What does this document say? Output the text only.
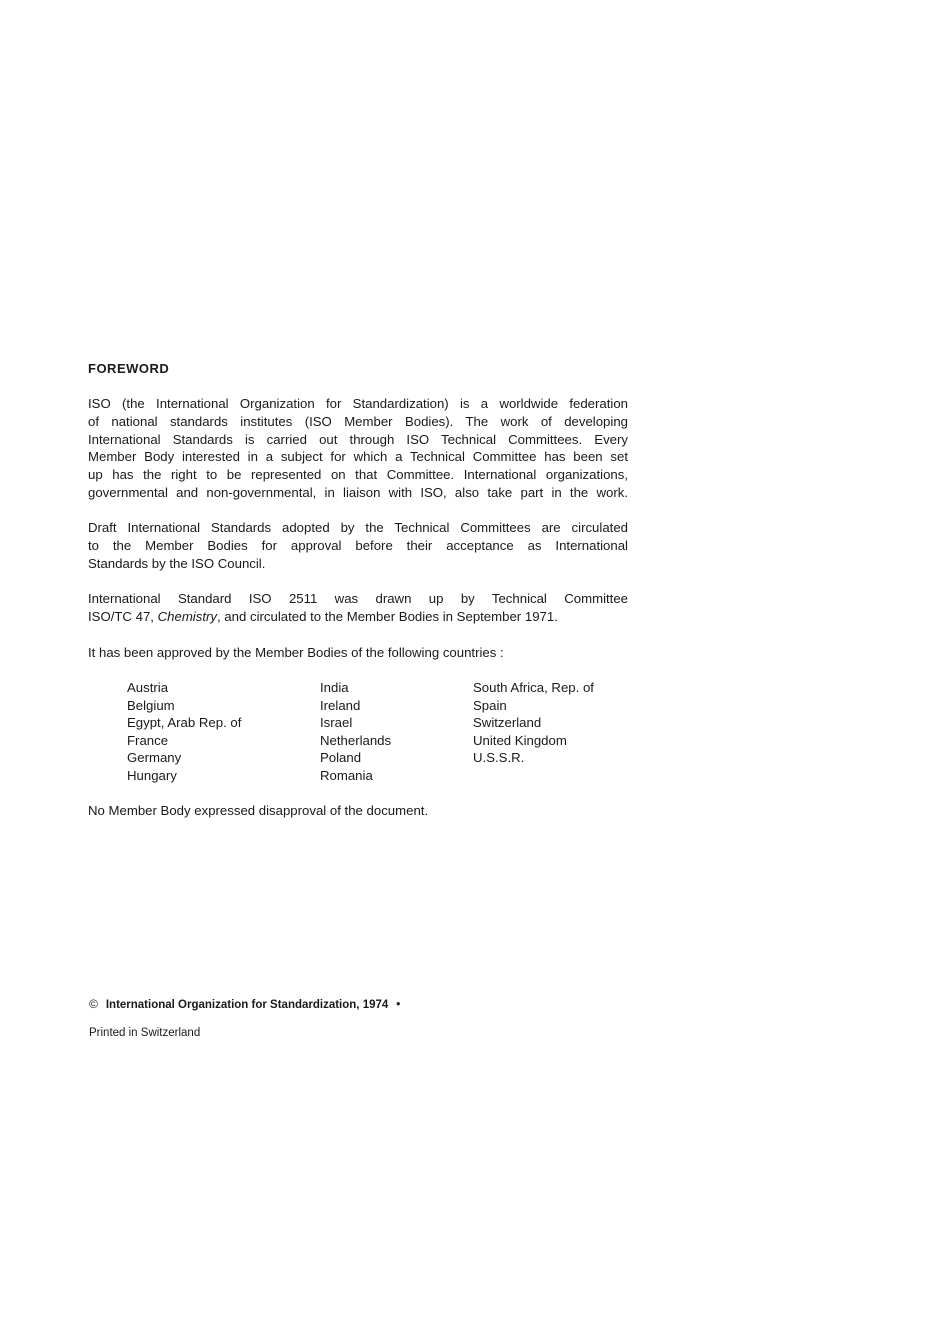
FOREWORD
ISO (the International Organization for Standardization) is a worldwide federation
of national standards institutes (ISO Member Bodies). The work of developing
International Standards is carried out through ISO Technical Committees. Every
Member Body interested in a subject for which a Technical Committee has been set
up has the right to be represented on that Committee. International organizations,
governmental and non-governmental, in liaison with ISO, also take part in the work.
Draft International Standards adopted by the Technical Committees are circulated
to the Member Bodies for approval before their acceptance as International
Standards by the ISO Council.
International Standard ISO 2511 was drawn up by Technical Committee
ISO/TC 47, Chemistry, and circulated to the Member Bodies in September 1971.
It has been approved by the Member Bodies of the following countries :
Austria
Belgium
Egypt, Arab Rep. of
France
Germany
Hungary
India
Ireland
Israel
Netherlands
Poland
Romania
South Africa, Rep. of
Spain
Switzerland
United Kingdom
U.S.S.R.
No Member Body expressed disapproval of the document.
© International Organization for Standardization, 1974 •
Printed in Switzerland
